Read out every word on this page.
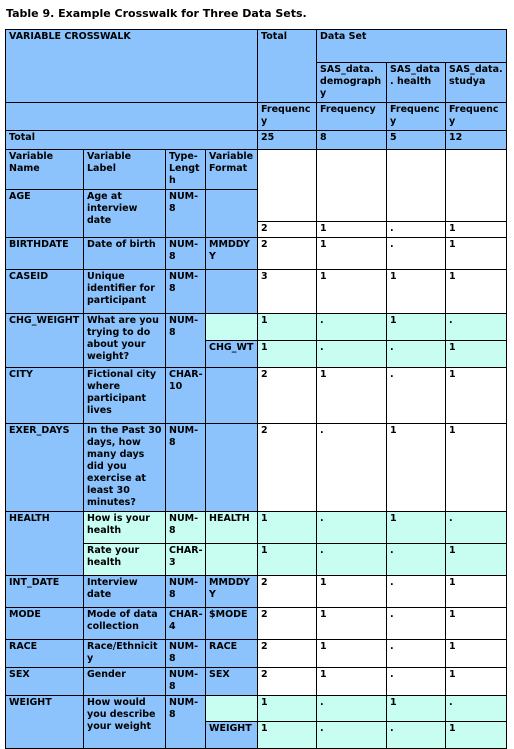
Table 9. Example Crosswalk for Three Data Sets.
VARIABLE CROSSWALK				Total	Data Set		
					SAS_data. demography	SAS_data. health	SAS_data. studya
				Frequency	Frequency	Frequency	Frequency
Total				25	8	5	12
Variable Name	Variable Label	Type-Length	Variable Format				
AGE	Age at interview date	NUM-8					
				2	1	.	1
BIRTHDATE	Date of birth	NUM-8	MMDDYY	2	1	.	1
CASEID	Unique identifier for participant	NUM-8		3	1	1	1
CHG_WEIGHT	What are you trying to do about your weight?	NUM-8		1	.	1	.
			CHG_WT	1	.	.	1
CITY	Fictional city where participant lives	CHAR-10		2	1	.	1
EXER_DAYS	In the Past 30 days, how many days did you exercise at least 30 minutes?	NUM-8		2	.	1	1
HEALTH	How is your health	NUM-8	HEALTH	1	.	1	.
	Rate your health	CHAR-3		1	.	.	1
INT_DATE	Interview date	NUM-8	MMDDYY	2	1	.	1
MODE	Mode of data collection	CHAR-4	$MODE	2	1	.	1
RACE	Race/Ethnicity	NUM-8	RACE	2	1	.	1
SEX	Gender	NUM-8	SEX	2	1	.	1
WEIGHT	How would you describe your weight	NUM-8		1	.	1	.
			WEIGHT	1	.	.	1
